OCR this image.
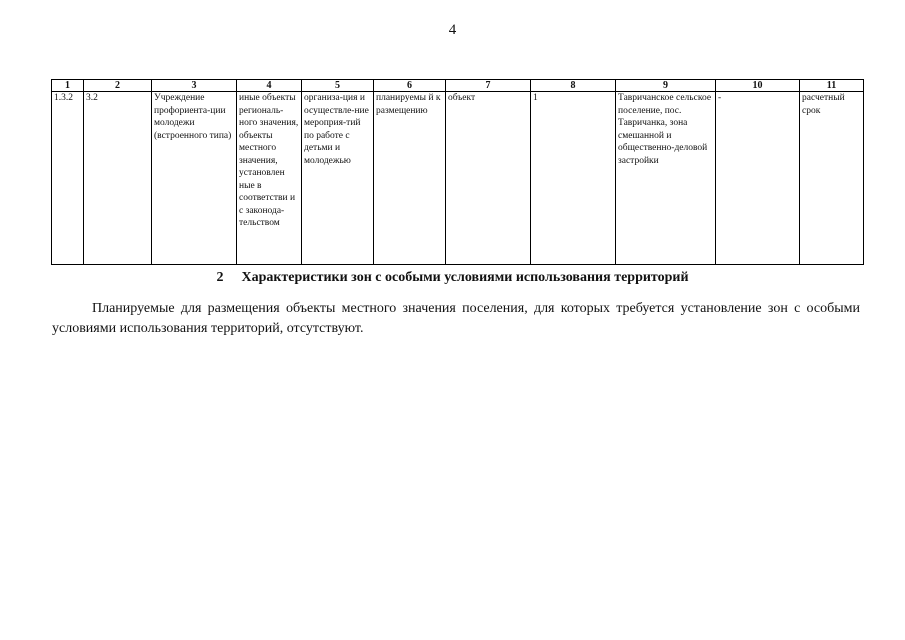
4
1	2	3	4	5	6	7	8	9	10	11
1.3.2	3.2	Учреждение профориента-ции молодежи (встроенного типа)	иные объекты региональ-ного значения, объекты местного значения, установлен ные в соответстви и с законода-тельством	организа-ция и осуществле-ние мероприя-тий по работе с детьми и молодежью	планируемы й к размещению	объект	1	Тавричанское сельское поселение, пос. Тавричанка, зона смешанной и общественно-деловой застройки	-	расчетный срок
2 Характеристики зон с особыми условиями использования территорий
Планируемые для размещения объекты местного значения поселения, для которых требуется установление зон с особыми условиями использования территорий, отсутствуют.
